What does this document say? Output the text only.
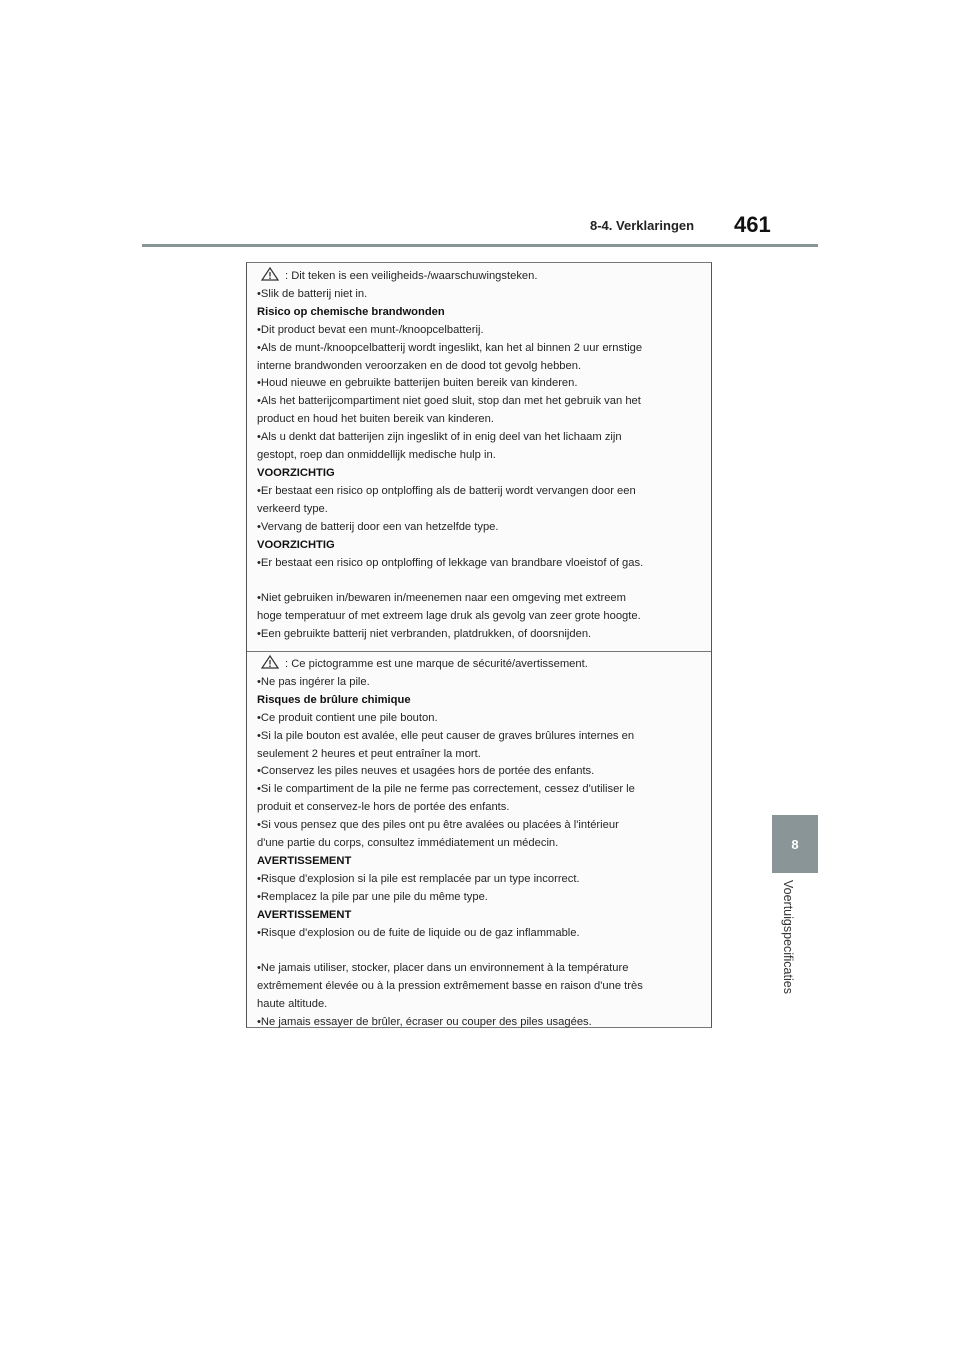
8-4. Verklaringen 461
8
Voertuigspecificaties
: Dit teken is een veiligheids-/waarschuwingsteken.
•Slik de batterij niet in.
Risico op chemische brandwonden
•Dit product bevat een munt-/knoopcelbatterij.
•Als de munt-/knoopcelbatterij wordt ingeslikt, kan het al binnen 2 uur ernstige
interne brandwonden veroorzaken en de dood tot gevolg hebben.
•Houd nieuwe en gebruikte batterijen buiten bereik van kinderen.
•Als het batterijcompartiment niet goed sluit, stop dan met het gebruik van het
product en houd het buiten bereik van kinderen.
•Als u denkt dat batterijen zijn ingeslikt of in enig deel van het lichaam zijn
gestopt, roep dan onmiddellijk medische hulp in.
VOORZICHTIG
•Er bestaat een risico op ontploffing als de batterij wordt vervangen door een
verkeerd type.
•Vervang de batterij door een van hetzelfde type.
VOORZICHTIG
•Er bestaat een risico op ontploffing of lekkage van brandbare vloeistof of gas.
•Niet gebruiken in/bewaren in/meenemen naar een omgeving met extreem
hoge temperatuur of met extreem lage druk als gevolg van zeer grote hoogte.
•Een gebruikte batterij niet verbranden, platdrukken, of doorsnijden.
: Ce pictogramme est une marque de sécurité/avertissement.
•Ne pas ingérer la pile.
Risques de brûlure chimique
•Ce produit contient une pile bouton.
•Si la pile bouton est avalée, elle peut causer de graves brûlures internes en
seulement 2 heures et peut entraîner la mort.
•Conservez les piles neuves et usagées hors de portée des enfants.
•Si le compartiment de la pile ne ferme pas correctement, cessez d'utiliser le
produit et conservez-le hors de portée des enfants.
•Si vous pensez que des piles ont pu être avalées ou placées à l'intérieur
d'une partie du corps, consultez immédiatement un médecin.
AVERTISSEMENT
•Risque d'explosion si la pile est remplacée par un type incorrect.
•Remplacez la pile par une pile du même type.
AVERTISSEMENT
•Risque d'explosion ou de fuite de liquide ou de gaz inflammable.
•Ne jamais utiliser, stocker, placer dans un environnement à la température
extrêmement élevée ou à la pression extrêmement basse en raison d'une très
haute altitude.
•Ne jamais essayer de brûler, écraser ou couper des piles usagées.
